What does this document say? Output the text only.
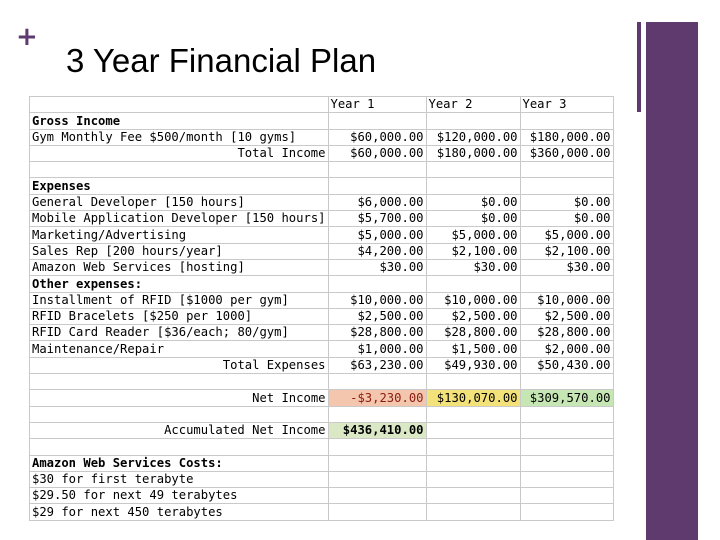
+
3 Year Financial Plan
	Year 1	Year 2	Year 3
Gross Income			
Gym Monthly Fee $500/month [10 gyms]	$60,000.00	$120,000.00	$180,000.00
Total Income	$60,000.00	$180,000.00	$360,000.00

Expenses			
General Developer [150 hours]	$6,000.00	$0.00	$0.00
Mobile Application Developer [150 hours]	$5,700.00	$0.00	$0.00
Marketing/Advertising	$5,000.00	$5,000.00	$5,000.00
Sales Rep [200 hours/year]	$4,200.00	$2,100.00	$2,100.00
Amazon Web Services [hosting]	$30.00	$30.00	$30.00
Other expenses:			
Installment of RFID [$1000 per gym]	$10,000.00	$10,000.00	$10,000.00
RFID Bracelets [$250 per 1000]	$2,500.00	$2,500.00	$2,500.00
RFID Card Reader [$36/each; 80/gym]	$28,800.00	$28,800.00	$28,800.00
Maintenance/Repair	$1,000.00	$1,500.00	$2,000.00
Total Expenses	$63,230.00	$49,930.00	$50,430.00

Net Income	-$3,230.00	$130,070.00	$309,570.00

Accumulated Net Income	$436,410.00		

Amazon Web Services Costs:			
$30 for first terabyte			
$29.50 for next 49 terabytes			
$29 for next 450 terabytes			
